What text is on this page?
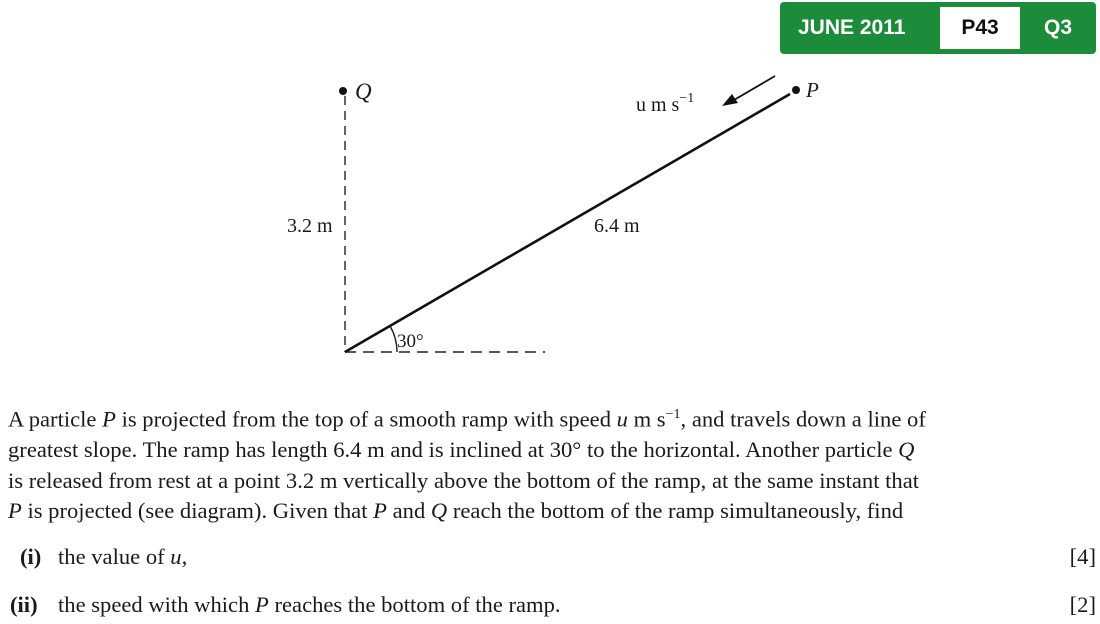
JUNE 2011	P43	Q3
Q	P
u m $s^{-1}$
3.2 m	6.4 m
30°
A particle P is projected from the top of a smooth ramp with speed u m $s^{-1}$, and travels down a line of
greatest slope. The ramp has length 6.4 m and is inclined at 30° to the horizontal. Another particle Q
is released from rest at a point 3.2 m vertically above the bottom of the ramp, at the same instant that
P is projected (see diagram). Given that P and Q reach the bottom of the ramp simultaneously, find
(i) the value of u,	[4]
(ii) the speed with which P reaches the bottom of the ramp.	[2]
